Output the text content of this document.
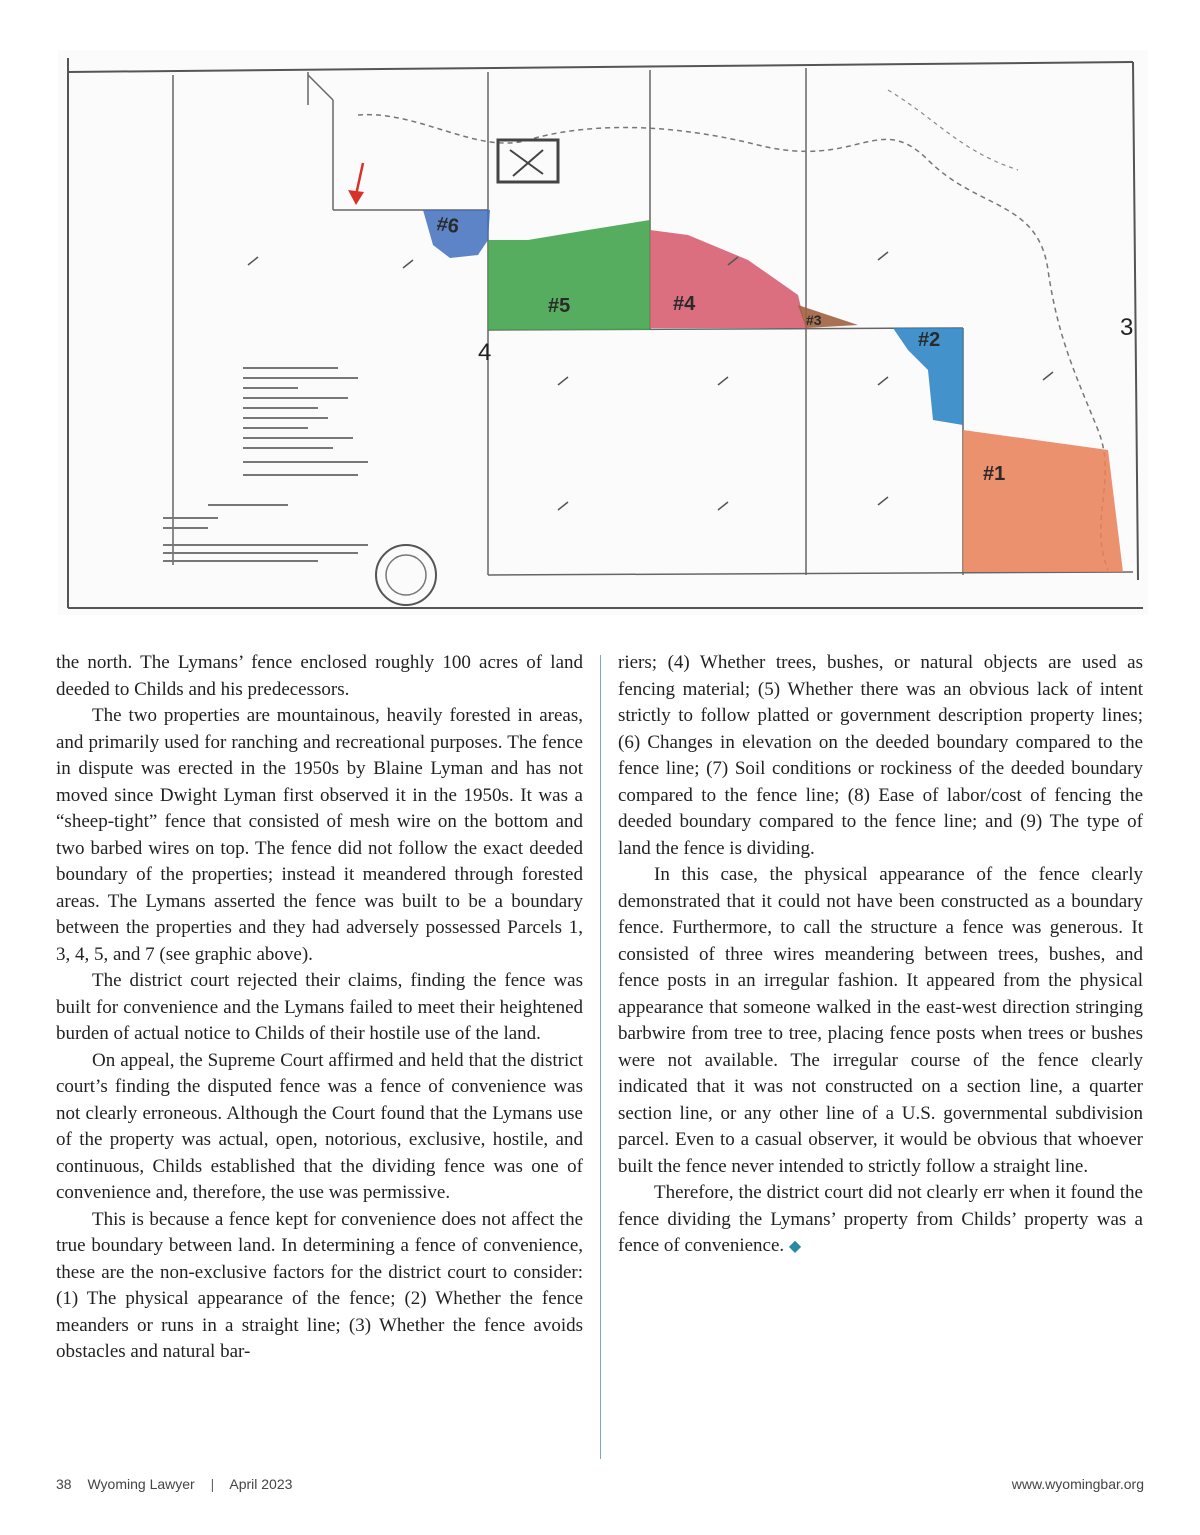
#6
#5	#4
#3
#2
#1
3
4

the north. The Lymans’ fence enclosed roughly 100 acres of land deeded to Childs and his predecessors.

The two properties are mountainous, heavily forested in areas, and primarily used for ranching and recreational purposes. The fence in dispute was erected in the 1950s by Blaine Lyman and has not moved since Dwight Lyman first observed it in the 1950s. It was a “sheep-tight” fence that consisted of mesh wire on the bottom and two barbed wires on top. The fence did not follow the exact deeded boundary of the properties; instead it meandered through forested areas. The Lymans asserted the fence was built to be a boundary between the properties and they had adversely possessed Parcels 1, 3, 4, 5, and 7 (see graphic above).

The district court rejected their claims, finding the fence was built for convenience and the Lymans failed to meet their heightened burden of actual notice to Childs of their hostile use of the land.

On appeal, the Supreme Court affirmed and held that the district court’s finding the disputed fence was a fence of convenience was not clearly erroneous. Although the Court found that the Lymans use of the property was actual, open, notorious, exclusive, hostile, and continuous, Childs established that the dividing fence was one of convenience and, therefore, the use was permissive.

This is because a fence kept for convenience does not affect the true boundary between land. In determining a fence of convenience, these are the non-exclusive factors for the district court to consider: (1) The physical appearance of the fence; (2) Whether the fence meanders or runs in a straight line; (3) Whether the fence avoids obstacles and natural bar-

riers; (4) Whether trees, bushes, or natural objects are used as fencing material; (5) Whether there was an obvious lack of intent strictly to follow platted or government description property lines; (6) Changes in elevation on the deeded boundary compared to the fence line; (7) Soil conditions or rockiness of the deeded boundary compared to the fence line; (8) Ease of labor/cost of fencing the deeded boundary compared to the fence line; and (9) The type of land the fence is dividing.

In this case, the physical appearance of the fence clearly demonstrated that it could not have been constructed as a boundary fence. Furthermore, to call the structure a fence was generous. It consisted of three wires meandering between trees, bushes, and fence posts in an irregular fashion. It appeared from the physical appearance that someone walked in the east-west direction stringing barbwire from tree to tree, placing fence posts when trees or bushes were not available. The irregular course of the fence clearly indicated that it was not constructed on a section line, a quarter section line, or any other line of a U.S. governmental subdivision parcel. Even to a casual observer, it would be obvious that whoever built the fence never intended to strictly follow a straight line.

Therefore, the district court did not clearly err when it found the fence dividing the Lymans’ property from Childs’ property was a fence of convenience. ◆

38 Wyoming Lawyer | April 2023	www.wyomingbar.org
